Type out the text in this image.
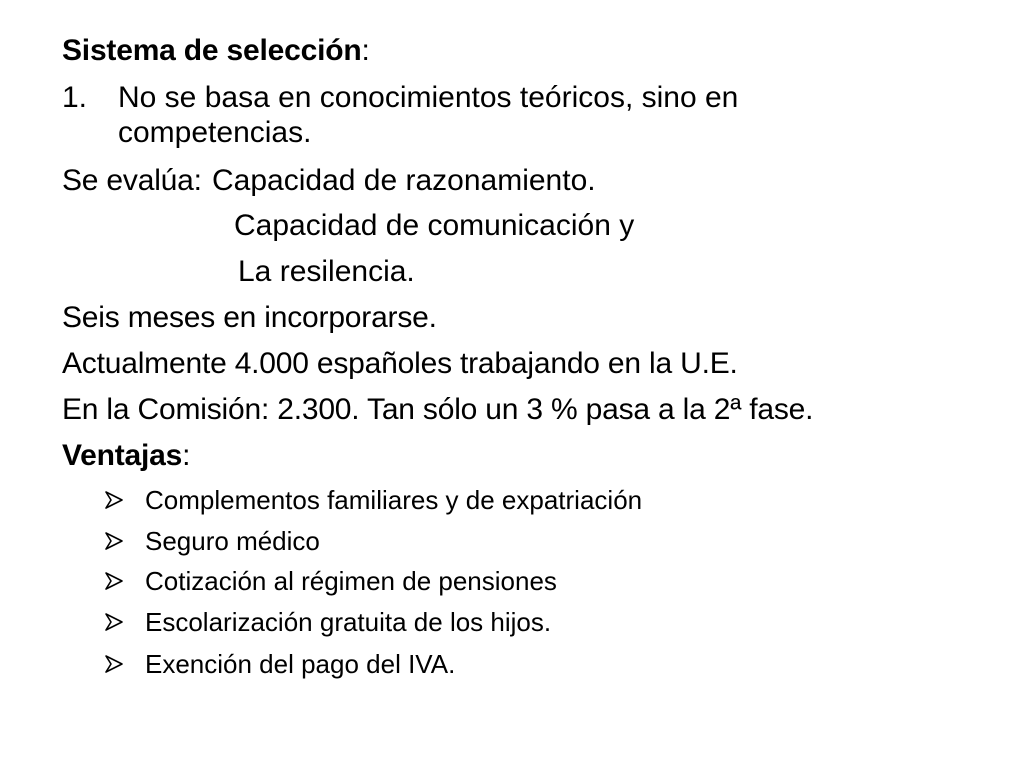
Sistema de selección:
1. No se basa en conocimientos teóricos, sino en
competencias.
Se evalúa: Capacidad de razonamiento.
Capacidad de comunicación y
La resilencia.
Seis meses en incorporarse.
Actualmente 4.000 españoles trabajando en la U.E.
En la Comisión: 2.300. Tan sólo un 3 % pasa a la 2ª fase.
Ventajas:
Complementos familiares y de expatriación
Seguro médico
Cotización al régimen de pensiones
Escolarización gratuita de los hijos.
Exención del pago del IVA.
